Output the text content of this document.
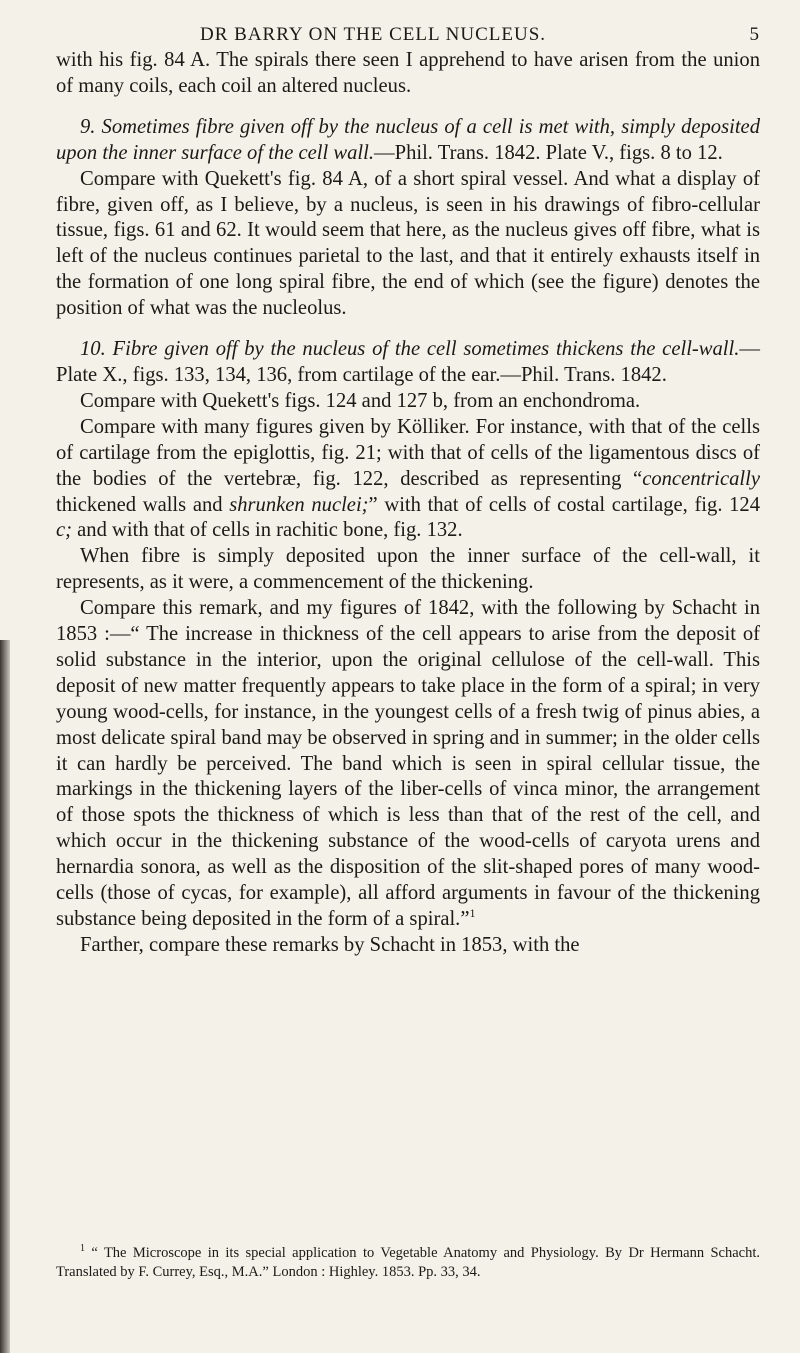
DR BARRY ON THE CELL NUCLEUS.	5

with his fig. 84 A. The spirals there seen I apprehend to have arisen from the union of many coils, each coil an altered nucleus.

9. Sometimes fibre given off by the nucleus of a cell is met with, simply deposited upon the inner surface of the cell wall.—Phil. Trans. 1842. Plate V., figs. 8 to 12.

Compare with Quekett's fig. 84 A, of a short spiral vessel. And what a display of fibre, given off, as I believe, by a nucleus, is seen in his drawings of fibro-cellular tissue, figs. 61 and 62. It would seem that here, as the nucleus gives off fibre, what is left of the nucleus continues parietal to the last, and that it entirely exhausts itself in the formation of one long spiral fibre, the end of which (see the figure) denotes the position of what was the nucleolus.

10. Fibre given off by the nucleus of the cell sometimes thickens the cell-wall.—Plate X., figs. 133, 134, 136, from cartilage of the ear.—Phil. Trans. 1842.

Compare with Quekett's figs. 124 and 127 b, from an enchondroma.

Compare with many figures given by Kölliker. For instance, with that of the cells of cartilage from the epiglottis, fig. 21; with that of cells of the ligamentous discs of the bodies of the vertebræ, fig. 122, described as representing “concentrically thickened walls and shrunken nuclei;” with that of cells of costal cartilage, fig. 124 c; and with that of cells in rachitic bone, fig. 132.

When fibre is simply deposited upon the inner surface of the cell-wall, it represents, as it were, a commencement of the thickening.

Compare this remark, and my figures of 1842, with the following by Schacht in 1853 :—“ The increase in thickness of the cell appears to arise from the deposit of solid substance in the interior, upon the original cellulose of the cell-wall. This deposit of new matter frequently appears to take place in the form of a spiral; in very young wood-cells, for instance, in the youngest cells of a fresh twig of pinus abies, a most delicate spiral band may be observed in spring and in summer; in the older cells it can hardly be perceived. The band which is seen in spiral cellular tissue, the markings in the thickening layers of the liber-cells of vinca minor, the arrangement of those spots the thickness of which is less than that of the rest of the cell, and which occur in the thickening substance of the wood-cells of caryota urens and hernardia sonora, as well as the disposition of the slit-shaped pores of many wood-cells (those of cycas, for example), all afford arguments in favour of the thickening substance being deposited in the form of a spiral.”$^1$

Farther, compare these remarks by Schacht in 1853, with the

$^1$ “ The Microscope in its special application to Vegetable Anatomy and Physiology. By Dr Hermann Schacht. Translated by F. Currey, Esq., M.A.” London : Highley. 1853. Pp. 33, 34.
